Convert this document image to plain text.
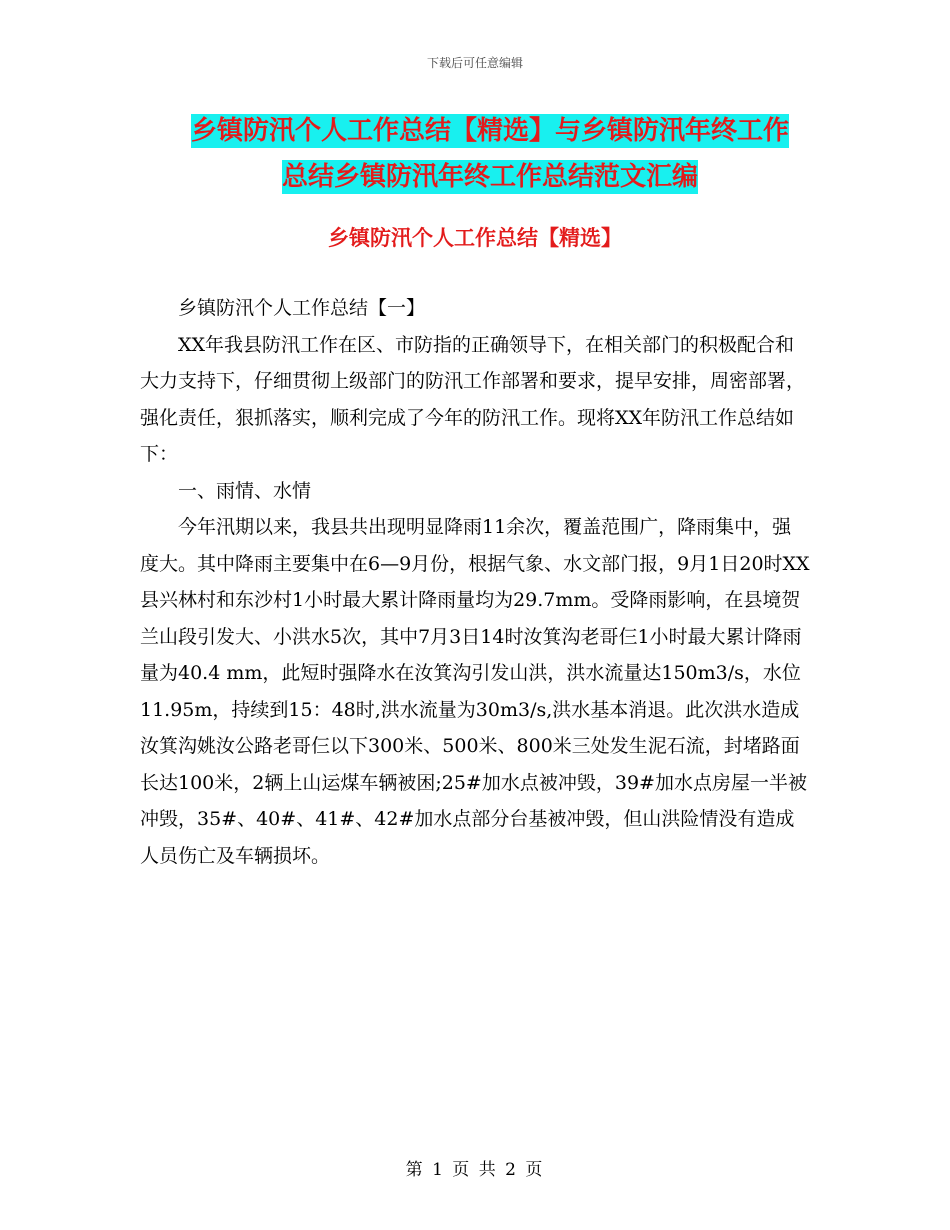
下载后可任意编辑
乡镇防汛个人工作总结【精选】与乡镇防汛年终工作
总结乡镇防汛年终工作总结范文汇编
乡镇防汛个人工作总结【精选】

乡镇防汛个人工作总结【一】

XX年我县防汛工作在区、市防指的正确领导下，在相关部门的积极配合和大力支持下，仔细贯彻上级部门的防汛工作部署和要求，提早安排，周密部署，强化责任，狠抓落实，顺利完成了今年的防汛工作。现将XX年防汛工作总结如下：

一、雨情、水情

今年汛期以来，我县共出现明显降雨11余次，覆盖范围广，降雨集中，强度大。其中降雨主要集中在6—9月份，根据气象、水文部门报，9月1日20时XX县兴林村和东沙村1小时最大累计降雨量均为29.7mm。受降雨影响，在县境贺兰山段引发大、小洪水5次，其中7月3日14时汝箕沟老哥仨1小时最大累计降雨量为40.4 mm，此短时强降水在汝箕沟引发山洪，洪水流量达150m3/s，水位11.95m，持续到15：48时,洪水流量为30m3/s,洪水基本消退。此次洪水造成汝箕沟姚汝公路老哥仨以下300米、500米、800米三处发生泥石流，封堵路面长达100米，2辆上山运煤车辆被困;25#加水点被冲毁，39#加水点房屋一半被冲毁，35#、40#、41#、42#加水点部分台基被冲毁，但山洪险情没有造成人员伤亡及车辆损坏。

第 1 页 共 2 页
